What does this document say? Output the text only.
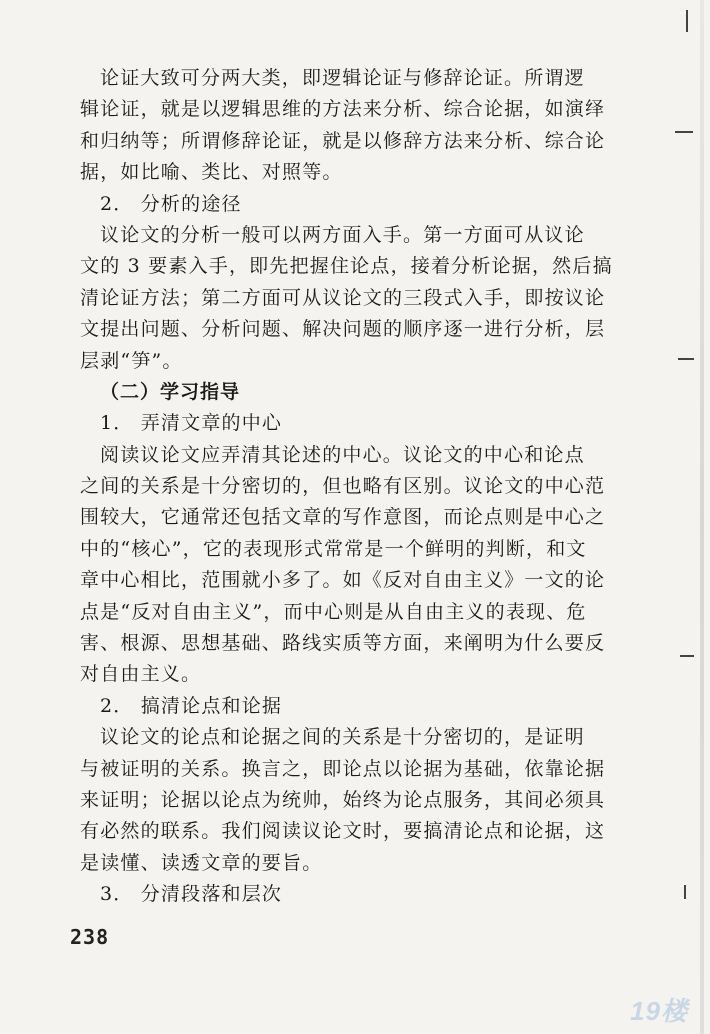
论证大致可分两大类，即逻辑论证与修辞论证。所谓逻
辑论证，就是以逻辑思维的方法来分析、综合论据，如演绎
和归纳等；所谓修辞论证，就是以修辞方法来分析、综合论
据，如比喻、类比、对照等。
2． 分析的途径
议论文的分析一般可以两方面入手。第一方面可从议论
文的 3 要素入手，即先把握住论点，接着分析论据，然后搞
清论证方法；第二方面可从议论文的三段式入手，即按议论
文提出问题、分析问题、解决问题的顺序逐一进行分析，层
层剥“笋”。
（二）学习指导
1． 弄清文章的中心
阅读议论文应弄清其论述的中心。议论文的中心和论点
之间的关系是十分密切的，但也略有区别。议论文的中心范
围较大，它通常还包括文章的写作意图，而论点则是中心之
中的“核心”，它的表现形式常常是一个鲜明的判断，和文
章中心相比，范围就小多了。如《反对自由主义》一文的论
点是“反对自由主义”，而中心则是从自由主义的表现、危
害、根源、思想基础、路线实质等方面，来阐明为什么要反
对自由主义。
2． 搞清论点和论据
议论文的论点和论据之间的关系是十分密切的，是证明
与被证明的关系。换言之，即论点以论据为基础，依靠论据
来证明；论据以论点为统帅，始终为论点服务，其间必须具
有必然的联系。我们阅读议论文时，要搞清论点和论据，这
是读懂、读透文章的要旨。
3． 分清段落和层次
238
19楼
